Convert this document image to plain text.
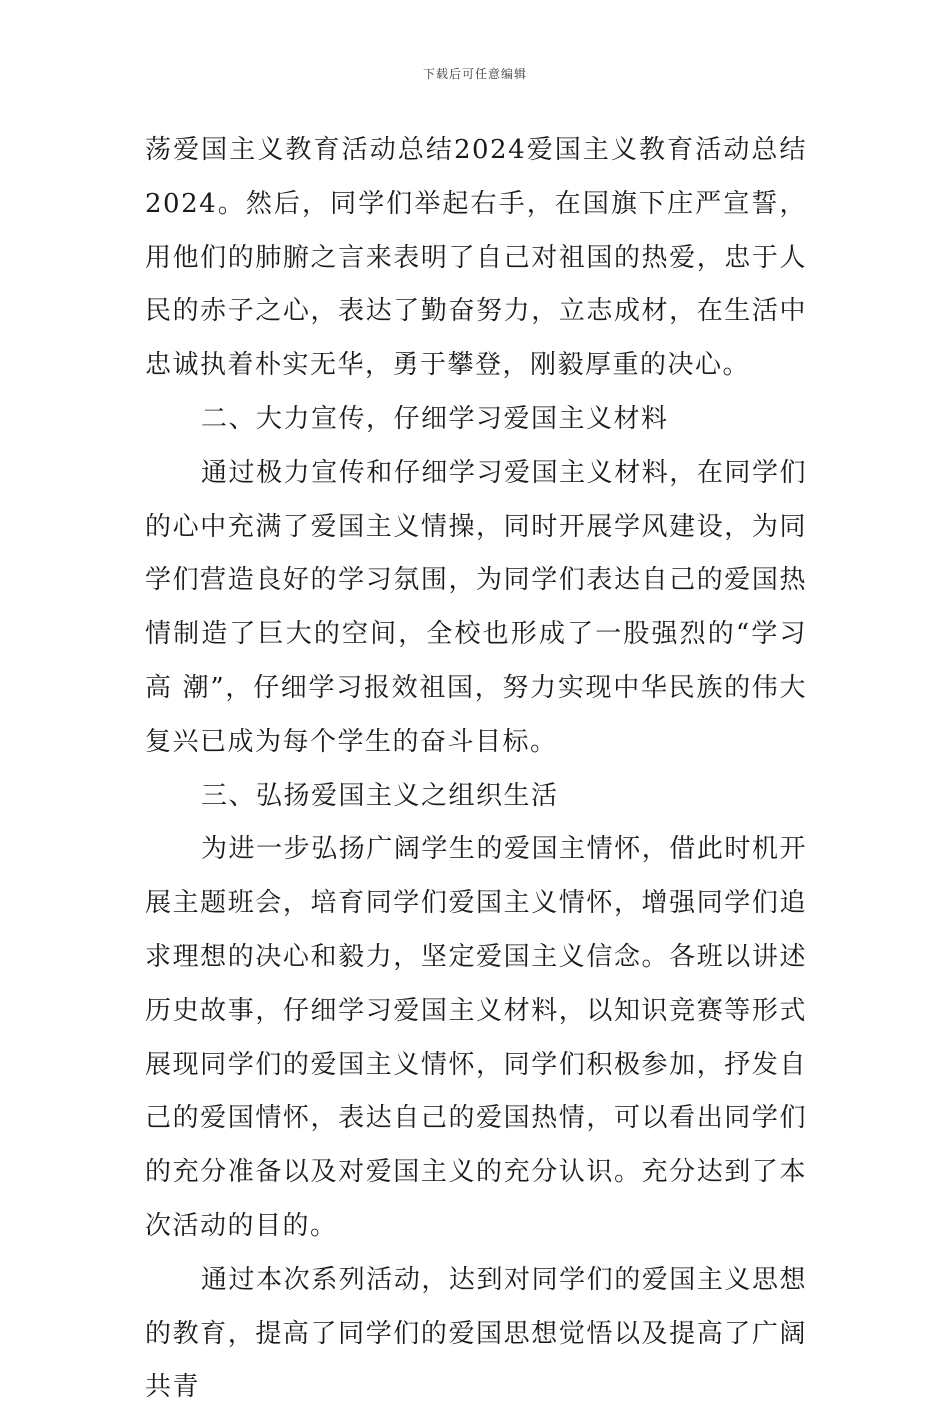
下载后可任意编辑

荡爱国主义教育活动总结2024爱国主义教育活动总结2024。然后，同学们举起右手，在国旗下庄严宣誓，用他们的肺腑之言来表明了自己对祖国的热爱，忠于人民的赤子之心，表达了勤奋努力，立志成材，在生活中忠诚执着朴实无华，勇于攀登，刚毅厚重的决心。

二、大力宣传，仔细学习爱国主义材料

通过极力宣传和仔细学习爱国主义材料，在同学们的心中充满了爱国主义情操，同时开展学风建设，为同学们营造良好的学习氛围，为同学们表达自己的爱国热情制造了巨大的空间，全校也形成了一股强烈的“学习高 潮”，仔细学习报效祖国，努力实现中华民族的伟大复兴已成为每个学生的奋斗目标。

三、弘扬爱国主义之组织生活

为进一步弘扬广阔学生的爱国主情怀，借此时机开展主题班会，培育同学们爱国主义情怀，增强同学们追求理想的决心和毅力，坚定爱国主义信念。各班以讲述历史故事，仔细学习爱国主义材料，以知识竞赛等形式展现同学们的爱国主义情怀，同学们积极参加，抒发自己的爱国情怀，表达自己的爱国热情，可以看出同学们的充分准备以及对爱国主义的充分认识。充分达到了本次活动的目的。

通过本次系列活动，达到对同学们的爱国主义思想的教育，提高了同学们的爱国思想觉悟以及提高了广阔共青
